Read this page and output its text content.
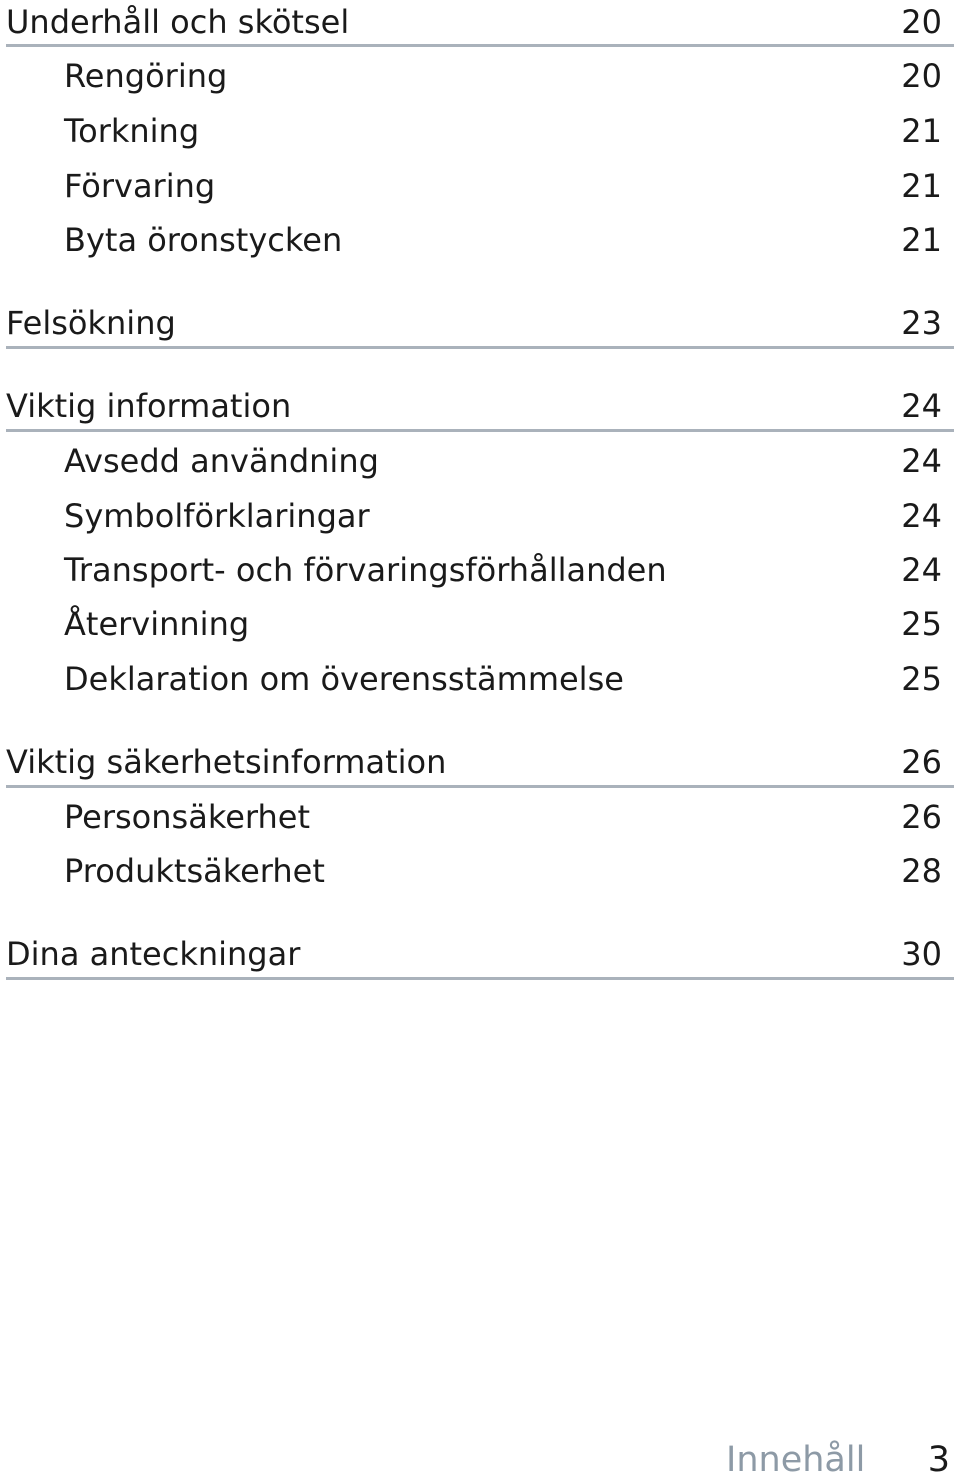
Underhåll och skötsel	20
Rengöring	20
Torkning	21
Förvaring	21
Byta öronstycken	21
Felsökning	23
Viktig information	24
Avsedd användning	24
Symbolförklaringar	24
Transport- och förvaringsförhållanden	24
Återvinning	25
Deklaration om överensstämmelse	25
Viktig säkerhetsinformation	26
Personsäkerhet	26
Produktsäkerhet	28
Dina anteckningar	30
Innehåll 3
